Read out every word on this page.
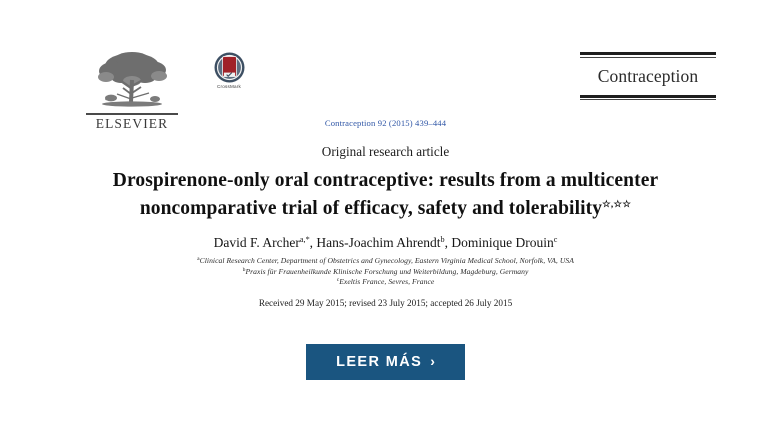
ELSEVIER
CrossMark
Contraception
Contraception 92 (2015) 439–444
Original research article
Drospirenone-only oral contraceptive: results from a multicenter noncomparative trial of efficacy, safety and tolerability☆,☆☆
David F. Archer$^{a,*}$, Hans-Joachim Ahrendt$^b$, Dominique Drouin$^c$
$^a$Clinical Research Center, Department of Obstetrics and Gynecology, Eastern Virginia Medical School, Norfolk, VA, USA
$^b$Praxis für Frauenheilkunde Klinische Forschung und Weiterbildung, Magdeburg, Germany
$^c$Exeltis France, Sevres, France
Received 29 May 2015; revised 23 July 2015; accepted 26 July 2015
LEER MÁS ›
